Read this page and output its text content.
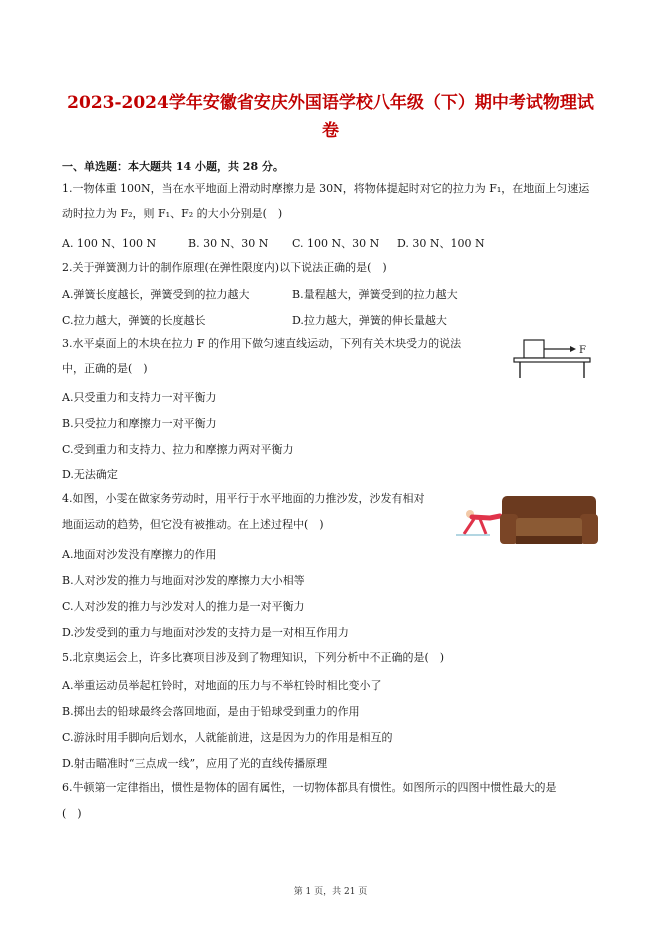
2023-2024学年安徽省安庆外国语学校八年级（下）期中考试物理试
卷
一、单选题：本大题共 14 小题，共 28 分。
1.一物体重 100N，当在水平地面上滑动时摩擦力是 30N，将物体提起时对它的拉力为 F₁，在地面上匀速运
动时拉力为 F₂，则 F₁、F₂ 的大小分别是(　)
A. 100 N、100 N	B. 30 N、30 N C. 100 N、30 N D. 30 N、100 N
2.关于弹簧测力计的制作原理(在弹性限度内)以下说法正确的是(　)
A.弹簧长度越长，弹簧受到的拉力越大	B.量程越大，弹簧受到的拉力越大
C.拉力越大，弹簧的长度越长	D.拉力越大，弹簧的伸长量越大
3.水平桌面上的木块在拉力 F 的作用下做匀速直线运动，下列有关木块受力的说法
中，正确的是(　)
F
A.只受重力和支持力一对平衡力
B.只受拉力和摩擦力一对平衡力
C.受到重力和支持力、拉力和摩擦力两对平衡力
D.无法确定
4.如图，小雯在做家务劳动时，用平行于水平地面的力推沙发，沙发有相对
地面运动的趋势，但它没有被推动。在上述过程中(　)
A.地面对沙发没有摩擦力的作用
B.人对沙发的推力与地面对沙发的摩擦力大小相等
C.人对沙发的推力与沙发对人的推力是一对平衡力
D.沙发受到的重力与地面对沙发的支持力是一对相互作用力
5.北京奥运会上，许多比赛项目涉及到了物理知识，下列分析中不正确的是(　)
A.举重运动员举起杠铃时，对地面的压力与不举杠铃时相比变小了
B.掷出去的铅球最终会落回地面，是由于铅球受到重力的作用
C.游泳时用手脚向后划水，人就能前进，这是因为力的作用是相互的
D.射击瞄准时“三点成一线”，应用了光的直线传播原理
6.牛顿第一定律指出，惯性是物体的固有属性，一切物体都具有惯性。如图所示的四图中惯性最大的是
(　)
第 1 页，共 21 页
